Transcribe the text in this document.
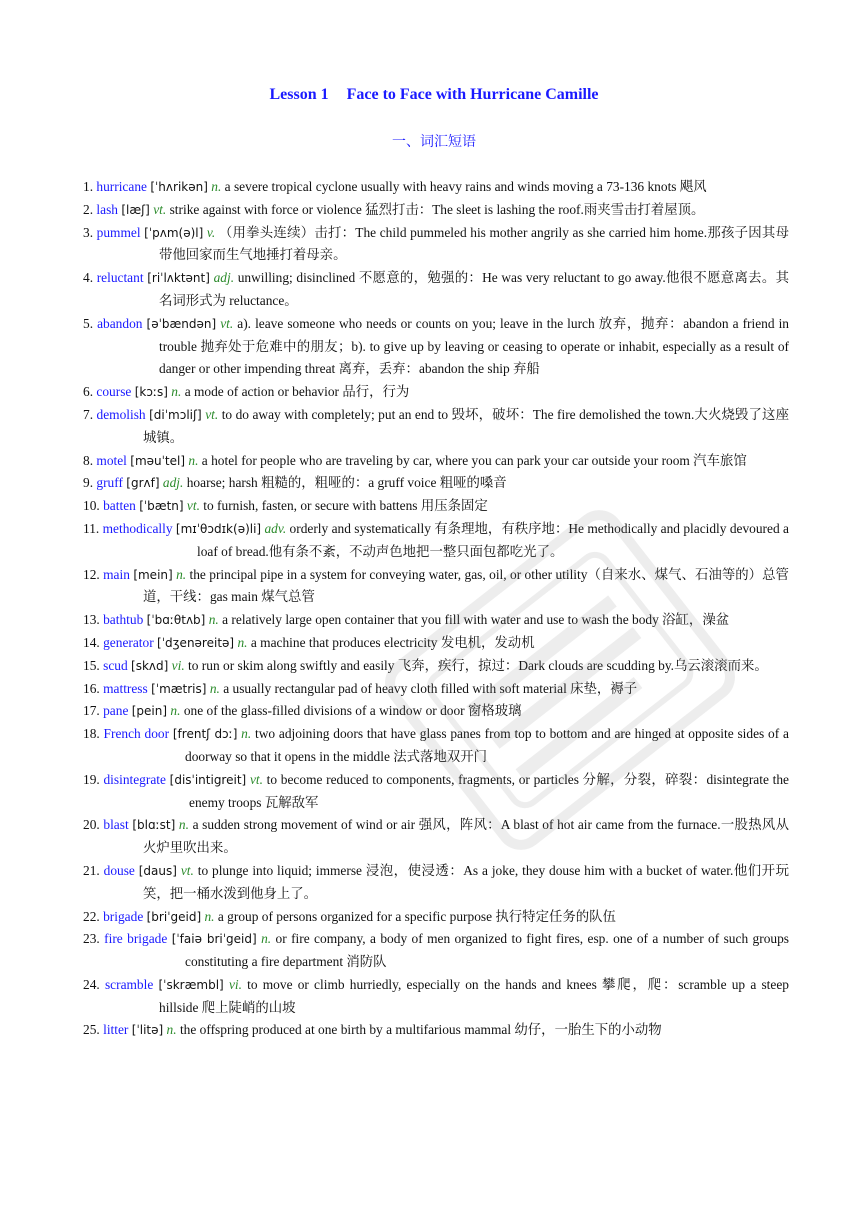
Lesson 1 Face to Face with Hurricane Camille
一、词汇短语
1. hurricane [ˈhʌrikən] n. a severe tropical cyclone usually with heavy rains and winds moving a 73-136 knots 飓风
2. lash [læʃ] vt. strike against with force or violence 猛烈打击：The sleet is lashing the roof.雨夹雪击打着屋顶。
3. pummel [ˈpʌm(ə)l] v. （用拳头连续）击打：The child pummeled his mother angrily as she carried him home.那孩子因其母带他回家而生气地捶打着母亲。
4. reluctant [riˈlʌktənt] adj. unwilling; disinclined 不愿意的，勉强的：He was very reluctant to go away.他很不愿意离去。其名词形式为 reluctance。
5. abandon [əˈbændən] vt. a). leave someone who needs or counts on you; leave in the lurch 放弃，抛弃：abandon a friend in trouble 抛弃处于危难中的朋友；b). to give up by leaving or ceasing to operate or inhabit, especially as a result of danger or other impending threat 离弃，丢弃：abandon the ship 弃船
6. course [kɔːs] n. a mode of action or behavior 品行，行为
7. demolish [diˈmɔliʃ] vt. to do away with completely; put an end to 毁坏，破坏：The fire demolished the town.大火烧毁了这座城镇。
8. motel [məuˈtel] n. a hotel for people who are traveling by car, where you can park your car outside your room 汽车旅馆
9. gruff [grʌf] adj. hoarse; harsh 粗糙的，粗哑的：a gruff voice 粗哑的嗓音
10. batten [ˈbætn] vt. to furnish, fasten, or secure with battens 用压条固定
11. methodically [mɪˈθɔdɪk(ə)li] adv. orderly and systematically 有条理地，有秩序地：He methodically and placidly devoured a loaf of bread.他有条不紊，不动声色地把一整只面包都吃光了。
12. main [mein] n. the principal pipe in a system for conveying water, gas, oil, or other utility（自来水、煤气、石油等的）总管道，干线：gas main 煤气总管
13. bathtub [ˈbɑːθtʌb] n. a relatively large open container that you fill with water and use to wash the body 浴缸，澡盆
14. generator [ˈdʒenəreitə] n. a machine that produces electricity 发电机，发动机
15. scud [skʌd] vi. to run or skim along swiftly and easily 飞奔，疾行，掠过：Dark clouds are scudding by.乌云滚滚而来。
16. mattress [ˈmætris] n. a usually rectangular pad of heavy cloth filled with soft material 床垫，褥子
17. pane [pein] n. one of the glass-filled divisions of a window or door 窗格玻璃
18. French door [frentʃ dɔː] n. two adjoining doors that have glass panes from top to bottom and are hinged at opposite sides of a doorway so that it opens in the middle 法式落地双开门
19. disintegrate [disˈintigreit] vt. to become reduced to components, fragments, or particles 分解，分裂，碎裂：disintegrate the enemy troops 瓦解敌军
20. blast [blɑːst] n. a sudden strong movement of wind or air 强风，阵风：A blast of hot air came from the furnace.一股热风从火炉里吹出来。
21. douse [daus] vt. to plunge into liquid; immerse 浸泡，使浸透：As a joke, they douse him with a bucket of water.他们开玩笑，把一桶水泼到他身上了。
22. brigade [briˈgeid] n. a group of persons organized for a specific purpose 执行特定任务的队伍
23. fire brigade [ˈfaiə briˈgeid] n. or fire company, a body of men organized to fight fires, esp. one of a number of such groups constituting a fire department 消防队
24. scramble [ˈskræmbl] vi. to move or climb hurriedly, especially on the hands and knees 攀爬，爬：scramble up a steep hillside 爬上陡峭的山坡
25. litter [ˈlitə] n. the offspring produced at one birth by a multifarious mammal 幼仔，一胎生下的小动物
